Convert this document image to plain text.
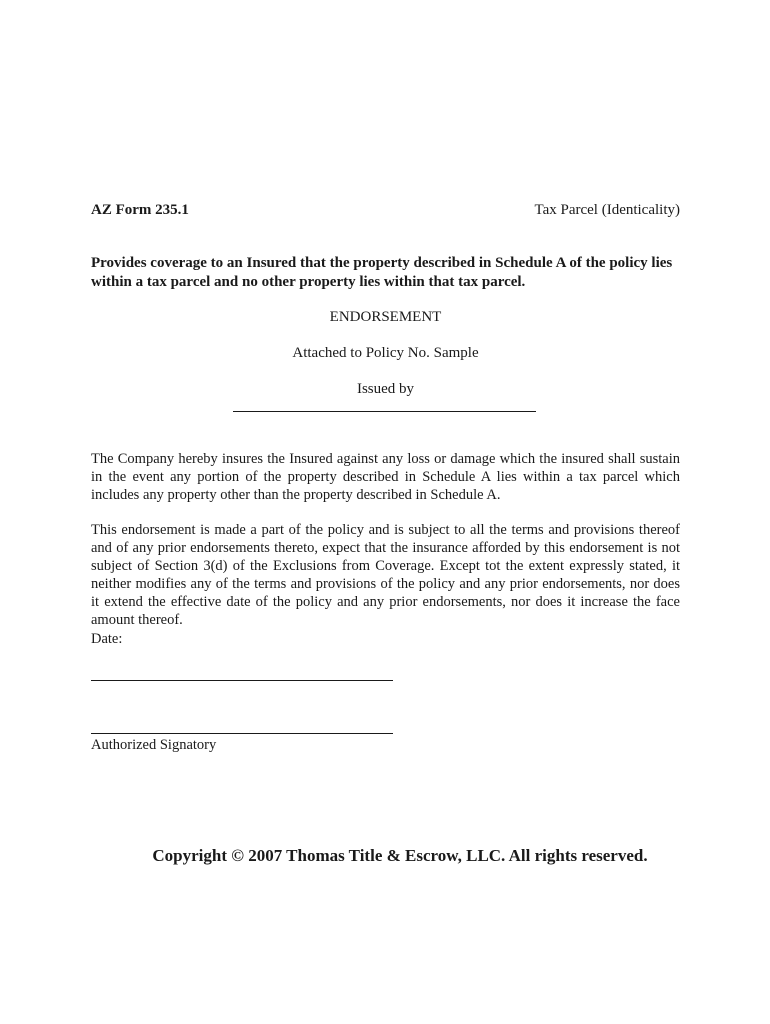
AZ Form 235.1	Tax Parcel (Identicality)
Provides coverage to an Insured that the property described in Schedule A of the policy lies within a tax parcel and no other property lies within that tax parcel.
ENDORSEMENT
Attached to Policy No. Sample
Issued by
The Company hereby insures the Insured against any loss or damage which the insured shall sustain in the event any portion of the property described in Schedule A lies within a tax parcel which includes any property other than the property described in Schedule A.
This endorsement is made a part of the policy and is subject to all the terms and provisions thereof and of any prior endorsements thereto, expect that the insurance afforded by this endorsement is not subject of Section 3(d) of the Exclusions from Coverage. Except tot the extent expressly stated, it neither modifies any of the terms and provisions of the policy and any prior endorsements, nor does it extend the effective date of the policy and any prior endorsements, nor does it increase the face amount thereof.
Date:
Authorized Signatory
Copyright © 2007 Thomas Title & Escrow, LLC. All rights reserved.
